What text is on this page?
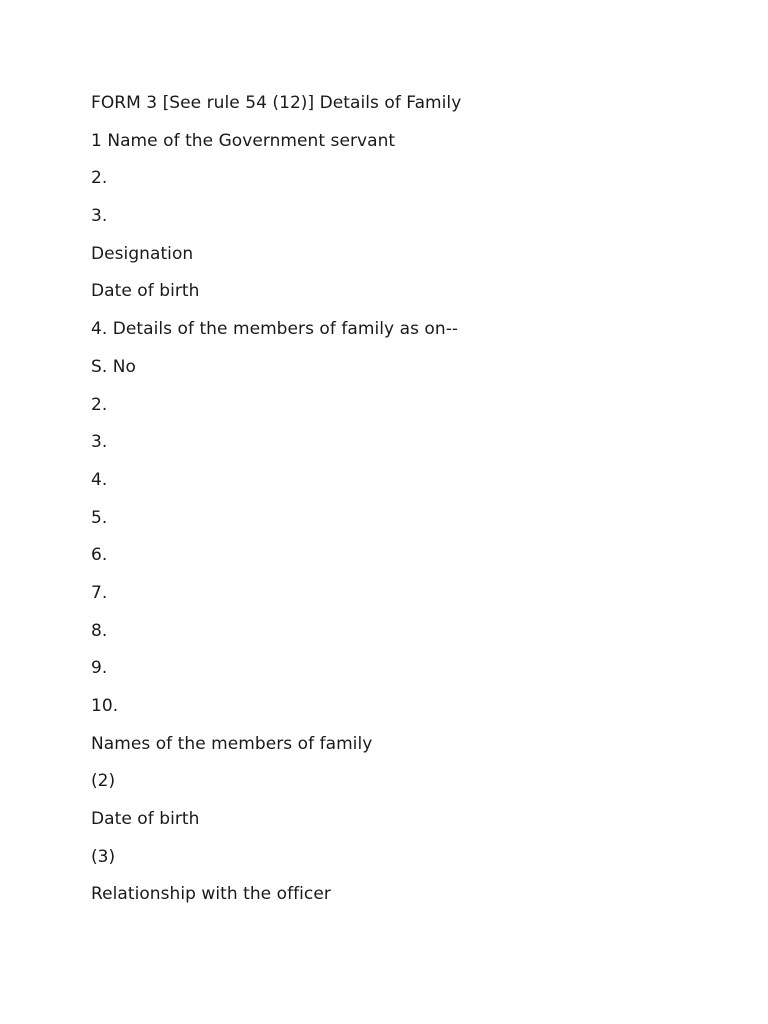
FORM 3 [See rule 54 (12)] Details of Family
1 Name of the Government servant
2.
3.
Designation
Date of birth
4. Details of the members of family as on--
S. No
2.
3.
4.
5.
6.
7.
8.
9.
10.
Names of the members of family
(2)
Date of birth
(3)
Relationship with the officer
